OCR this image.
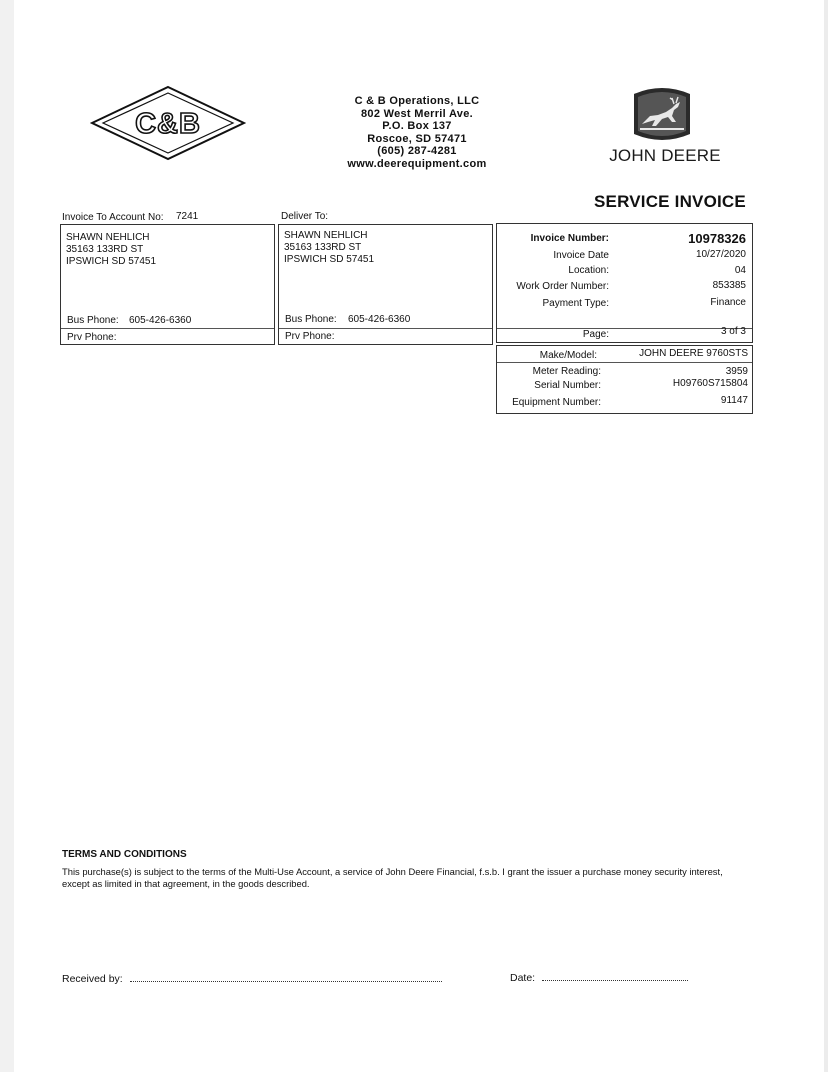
C&B
C & B Operations, LLC
802 West Merril Ave.
P.O. Box 137
Roscoe, SD 57471
(605) 287-4281
www.deerequipment.com	JOHN DEERE
SERVICE INVOICE
Invoice To Account No: 7241	Deliver To:
SHAWN NEHLICH
35163 133RD ST
IPSWICH SD 57451
Bus Phone: 605-426-6360
Prv Phone:
SHAWN NEHLICH
35163 133RD ST
IPSWICH SD 57451
Bus Phone: 605-426-6360
Prv Phone:
Invoice Number:	10978326
Invoice Date	10/27/2020
Location:	04
Work Order Number:	853385
Payment Type:	Finance
Page:	3 of 3
Make/Model:	JOHN DEERE 9760STS
Meter Reading:	3959
Serial Number:	H09760S715804
Equipment Number:	91147
TERMS AND CONDITIONS
This purchase(s) is subject to the terms of the Multi-Use Account, a service of John Deere Financial, f.s.b. I grant the issuer a purchase money security interest, except as limited in that agreement, in the goods described.
Received by:	Date:
